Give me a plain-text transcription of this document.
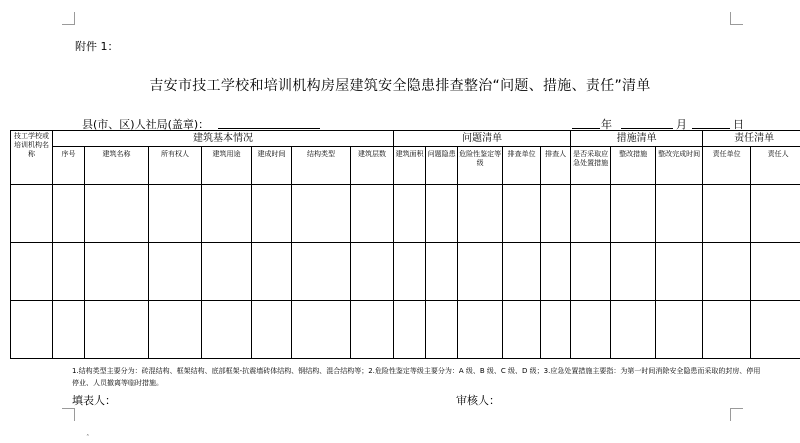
附件 1：
吉安市技工学校和培训机构房屋建筑安全隐患排查整治“问题、措施、责任”清单
县(市、区)人社局(盖章)：	年	月	日
技工学校或培训机构名称	建筑基本情况							问题清单					措施清单			责任清单	
	序号	建筑名称	所有权人	建筑用途	建成时间	结构类型	建筑层数	建筑面积	问题隐患	危险性鉴定等级	排查单位	排查人	是否采取应急处置措施	整改措施	整改完成时间	责任单位	责任人

1.结构类型主要分为：砖混结构、框架结构、底部框架-抗震墙砖体结构、钢结构、混合结构等；2.危险性鉴定等级主要分为：A 级、B 级、C 级、D 级；3.应急处置措施主要指：为第一时间消除安全隐患而采取的封房、停用停业、人员撤离等临时措施。
填表人：	审核人：
ˆ
